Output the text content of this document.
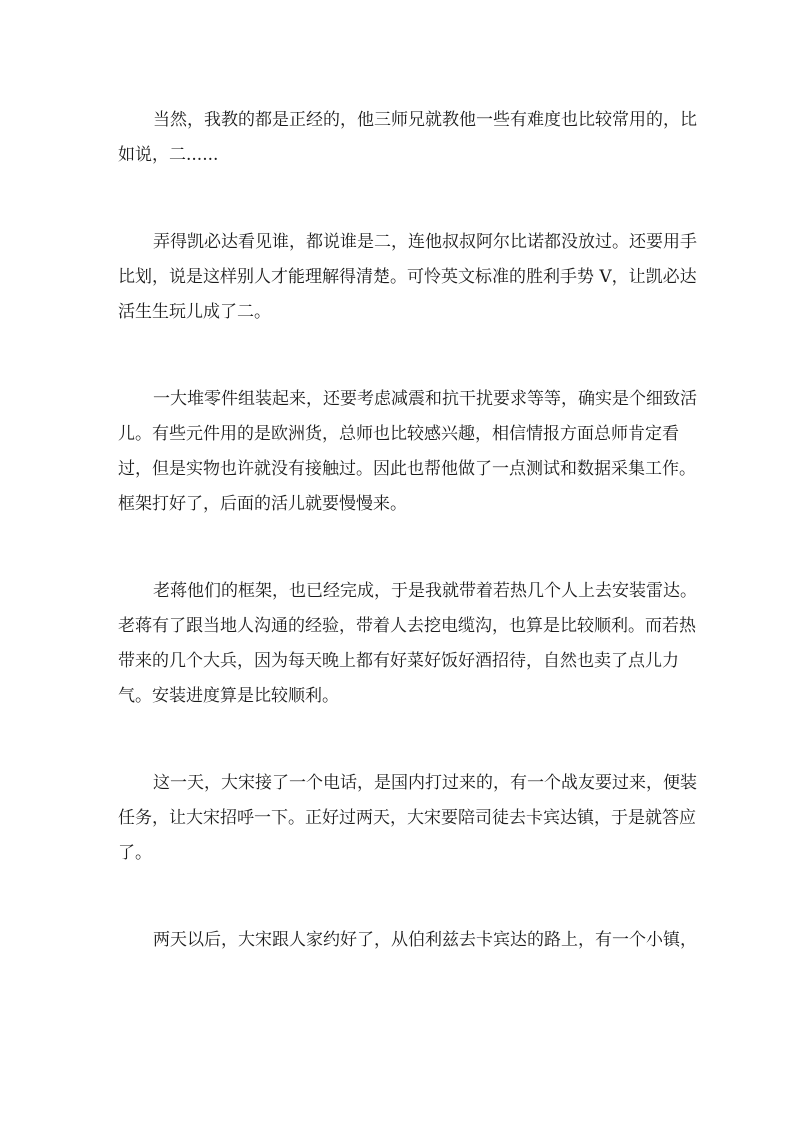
当然，我教的都是正经的，他三师兄就教他一些有难度也比较常用的，比
如说，二......

弄得凯必达看见谁，都说谁是二，连他叔叔阿尔比诺都没放过。还要用手
比划，说是这样别人才能理解得清楚。可怜英文标准的胜利手势 V，让凯必达
活生生玩儿成了二。

一大堆零件组装起来，还要考虑减震和抗干扰要求等等，确实是个细致活
儿。有些元件用的是欧洲货，总师也比较感兴趣，相信情报方面总师肯定看
过，但是实物也许就没有接触过。因此也帮他做了一点测试和数据采集工作。
框架打好了，后面的活儿就要慢慢来。

老蒋他们的框架，也已经完成，于是我就带着若热几个人上去安装雷达。
老蒋有了跟当地人沟通的经验，带着人去挖电缆沟，也算是比较顺利。而若热
带来的几个大兵，因为每天晚上都有好菜好饭好酒招待，自然也卖了点儿力
气。安装进度算是比较顺利。

这一天，大宋接了一个电话，是国内打过来的，有一个战友要过来，便装
任务，让大宋招呼一下。正好过两天，大宋要陪司徒去卡宾达镇，于是就答应
了。

两天以后，大宋跟人家约好了，从伯利兹去卡宾达的路上，有一个小镇，
